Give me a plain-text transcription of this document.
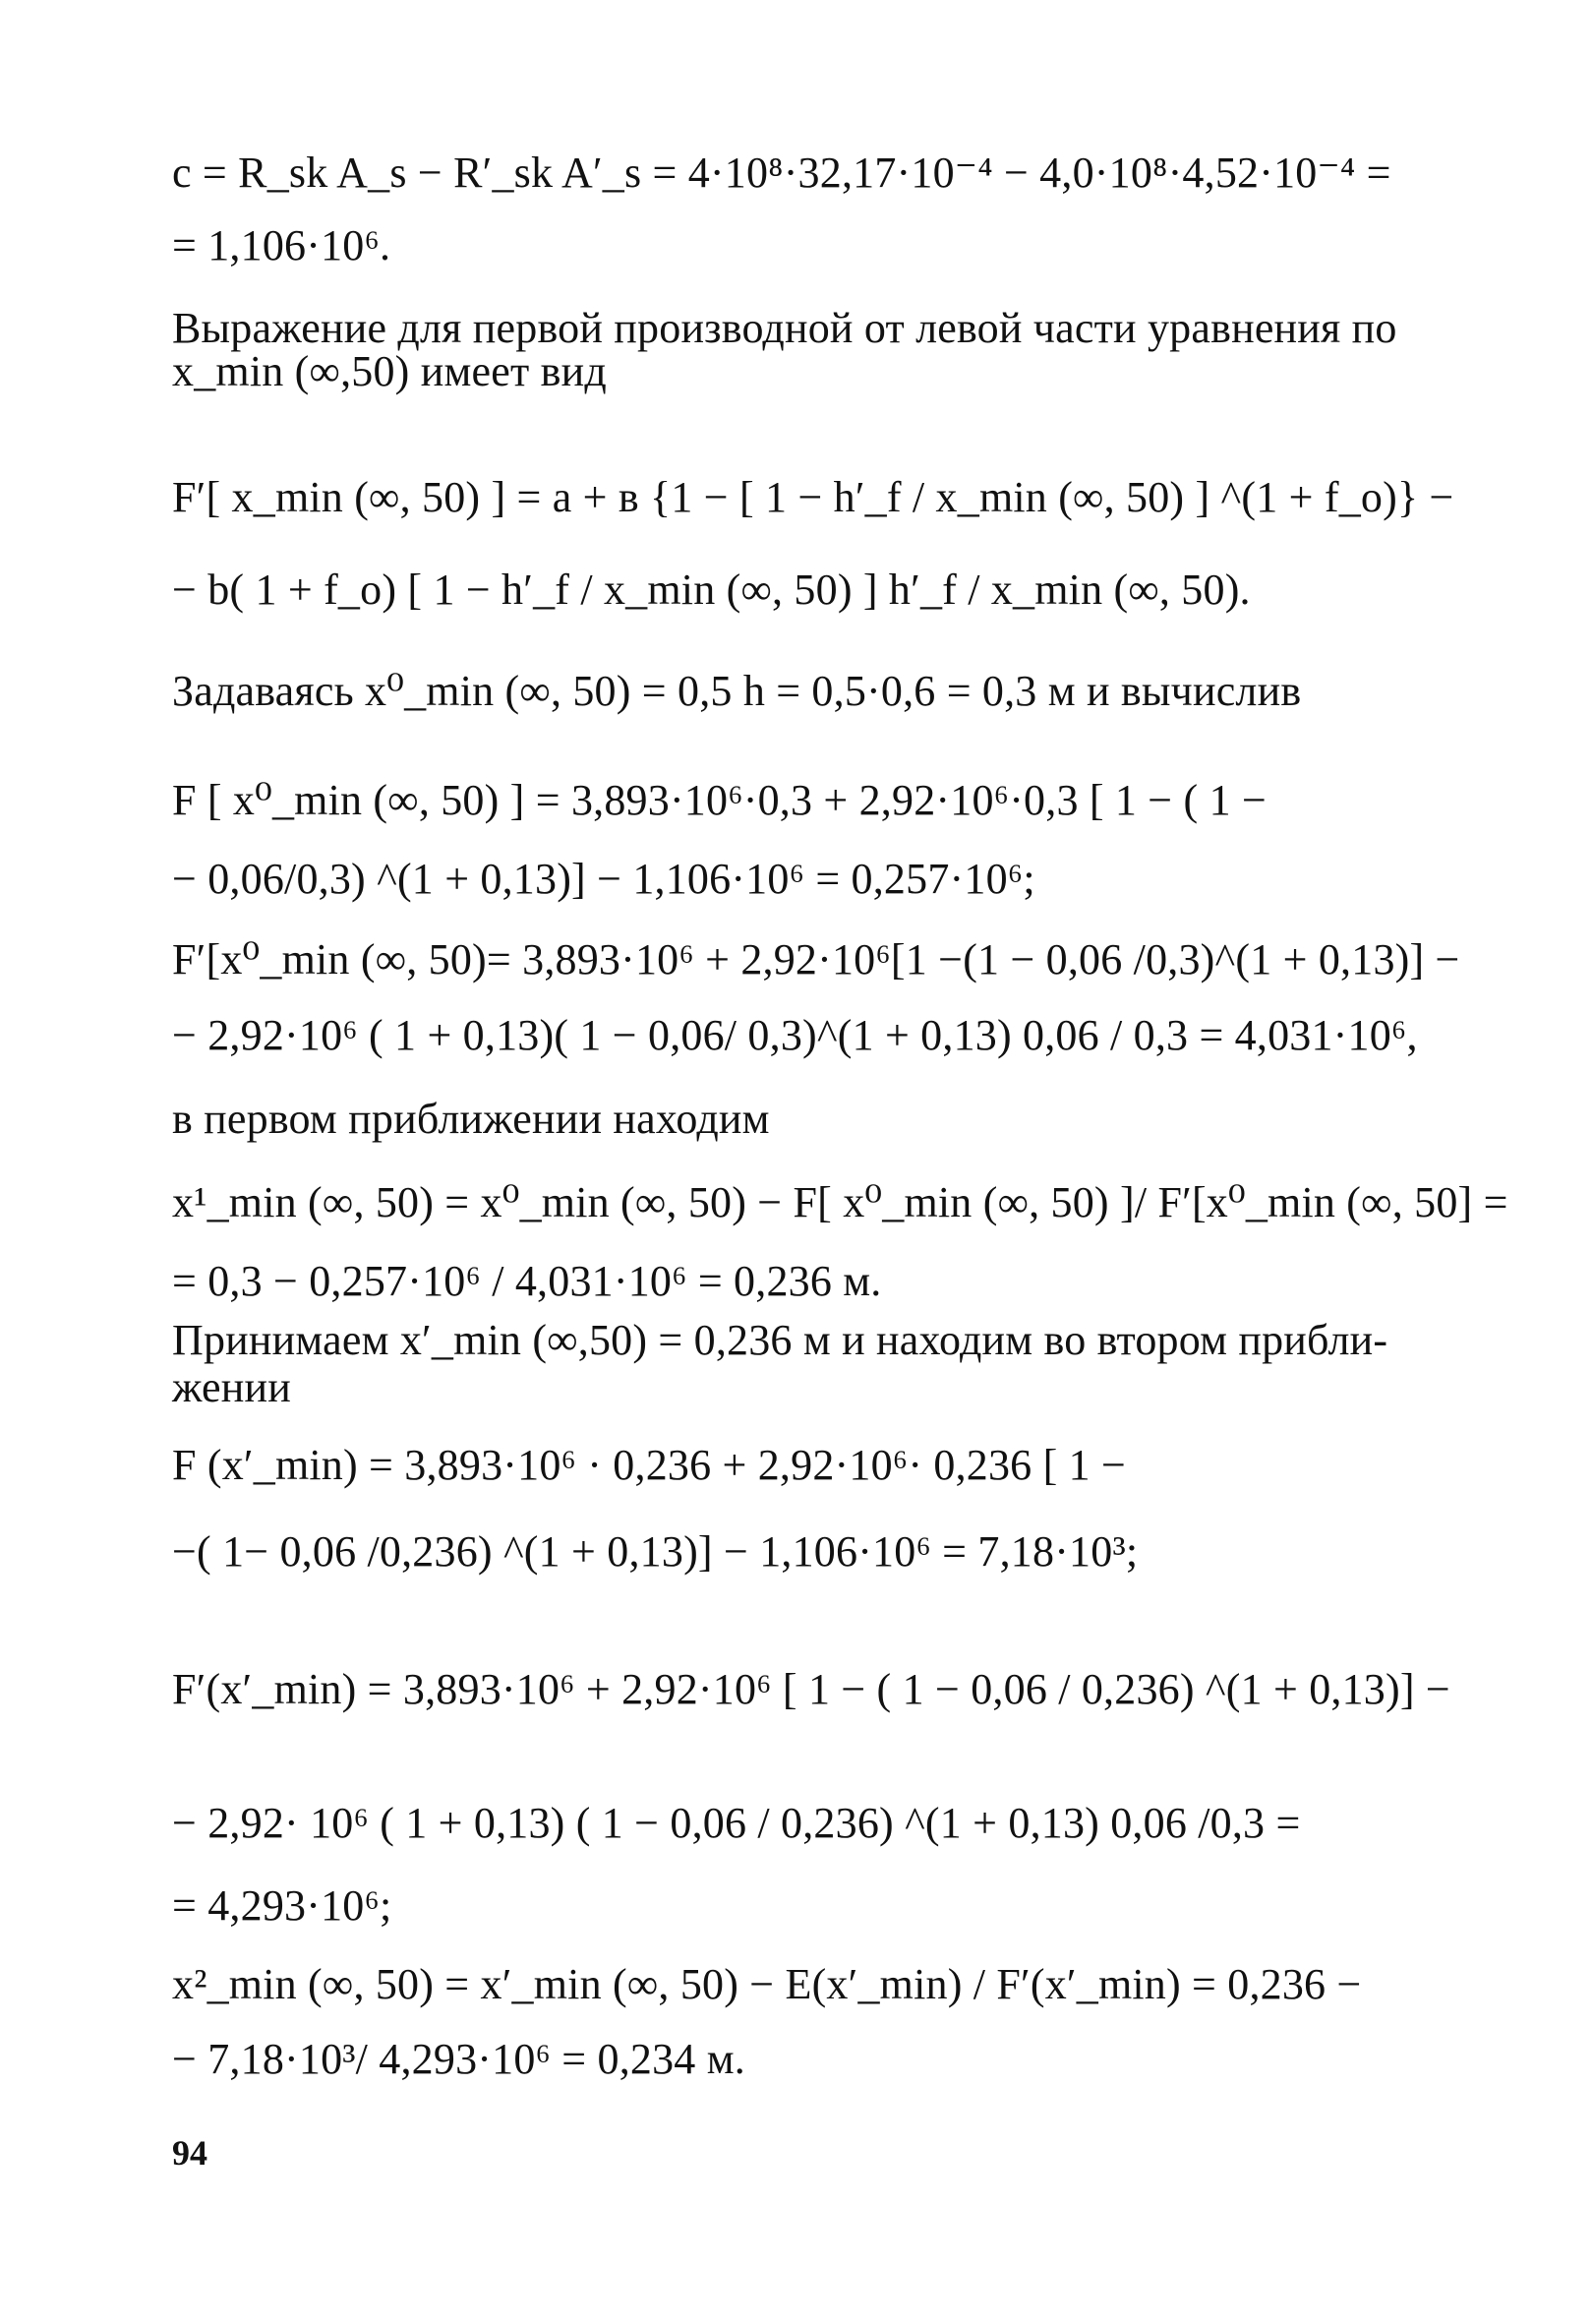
c = R_sk A_s − R′_sk A′_s = 4·10⁸·32,17·10⁻⁴ − 4,0·10⁸·4,52·10⁻⁴ =
= 1,106·10⁶.
Выражение для первой производной от левой части уравнения по
x_min (∞,50) имеет вид
F′[ x_min (∞, 50) ] = a + в {1 − [ 1 − h′_f / x_min (∞, 50) ] ^(1 + f_o)} −
− b( 1 + f_o) [ 1 − h′_f / x_min (∞, 50) ] h′_f / x_min (∞, 50).
Задаваясь x⁰_min (∞, 50) = 0,5 h = 0,5·0,6 = 0,3 м и вычислив
F [ x⁰_min (∞, 50) ] = 3,893·10⁶·0,3 + 2,92·10⁶·0,3 [ 1 − ( 1 −
− 0,06/0,3) ^(1 + 0,13)] − 1,106·10⁶ = 0,257·10⁶;
F′[x⁰_min (∞, 50)= 3,893·10⁶ + 2,92·10⁶[1 −(1 − 0,06 /0,3)^(1 + 0,13)] −
− 2,92·10⁶ ( 1 + 0,13)( 1 − 0,06/ 0,3)^(1 + 0,13) 0,06 / 0,3 = 4,031·10⁶,
в первом приближении находим
x¹_min (∞, 50) = x⁰_min (∞, 50) − F[ x⁰_min (∞, 50) ]/ F′[x⁰_min (∞, 50] =
= 0,3 − 0,257·10⁶ / 4,031·10⁶ = 0,236 м.
Принимаем x′_min (∞,50) = 0,236 м и находим во втором прибли-
жении
F (x′_min) = 3,893·10⁶ · 0,236 + 2,92·10⁶· 0,236 [ 1 −
−( 1− 0,06 /0,236) ^(1 + 0,13)] − 1,106·10⁶ = 7,18·10³;
F′(x′_min) = 3,893·10⁶ + 2,92·10⁶ [ 1 − ( 1 − 0,06 / 0,236) ^(1 + 0,13)] −
− 2,92· 10⁶ ( 1 + 0,13) ( 1 − 0,06 / 0,236) ^(1 + 0,13) 0,06 /0,3 =
= 4,293·10⁶;
x²_min (∞, 50) = x′_min (∞, 50) − E(x′_min) / F′(x′_min) = 0,236 −
− 7,18·10³/ 4,293·10⁶ = 0,234 м.
94
